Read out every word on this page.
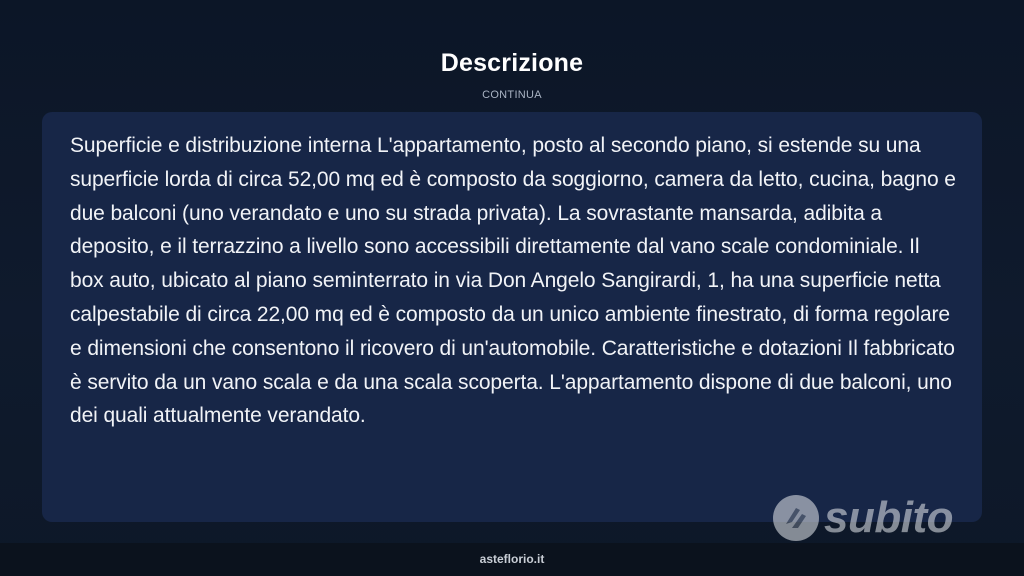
Descrizione
CONTINUA

Superficie e distribuzione interna L'appartamento, posto al secondo piano, si estende su una superficie lorda di circa 52,00 mq ed è composto da soggiorno, camera da letto, cucina, bagno e due balconi (uno verandato e uno su strada privata). La sovrastante mansarda, adibita a deposito, e il terrazzino a livello sono accessibili direttamente dal vano scale condominiale. Il box auto, ubicato al piano seminterrato in via Don Angelo Sangirardi, 1, ha una superficie netta calpestabile di circa 22,00 mq ed è composto da un unico ambiente finestrato, di forma regolare e dimensioni che consentono il ricovero di un'automobile. Caratteristiche e dotazioni Il fabbricato è servito da un vano scala e da una scala scoperta. L'appartamento dispone di due balconi, uno dei quali attualmente verandato.

subito
asteflorio.it
